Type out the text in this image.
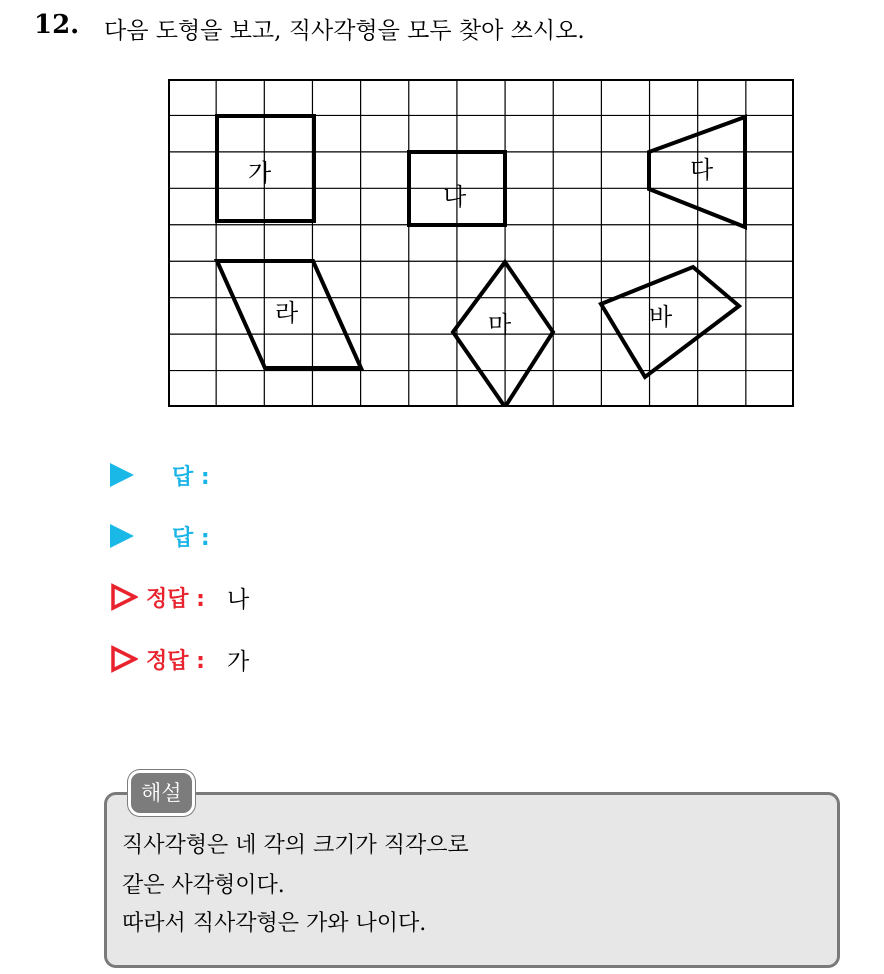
12. 다음 도형을 보고, 직사각형을 모두 찾아 쓰시오.
가
나
다
라	마	바
답 :
답 :
정답 : 나
정답 : 가
해설
직사각형은 네 각의 크기가 직각으로
같은 사각형이다.
따라서 직사각형은 가와 나이다.
